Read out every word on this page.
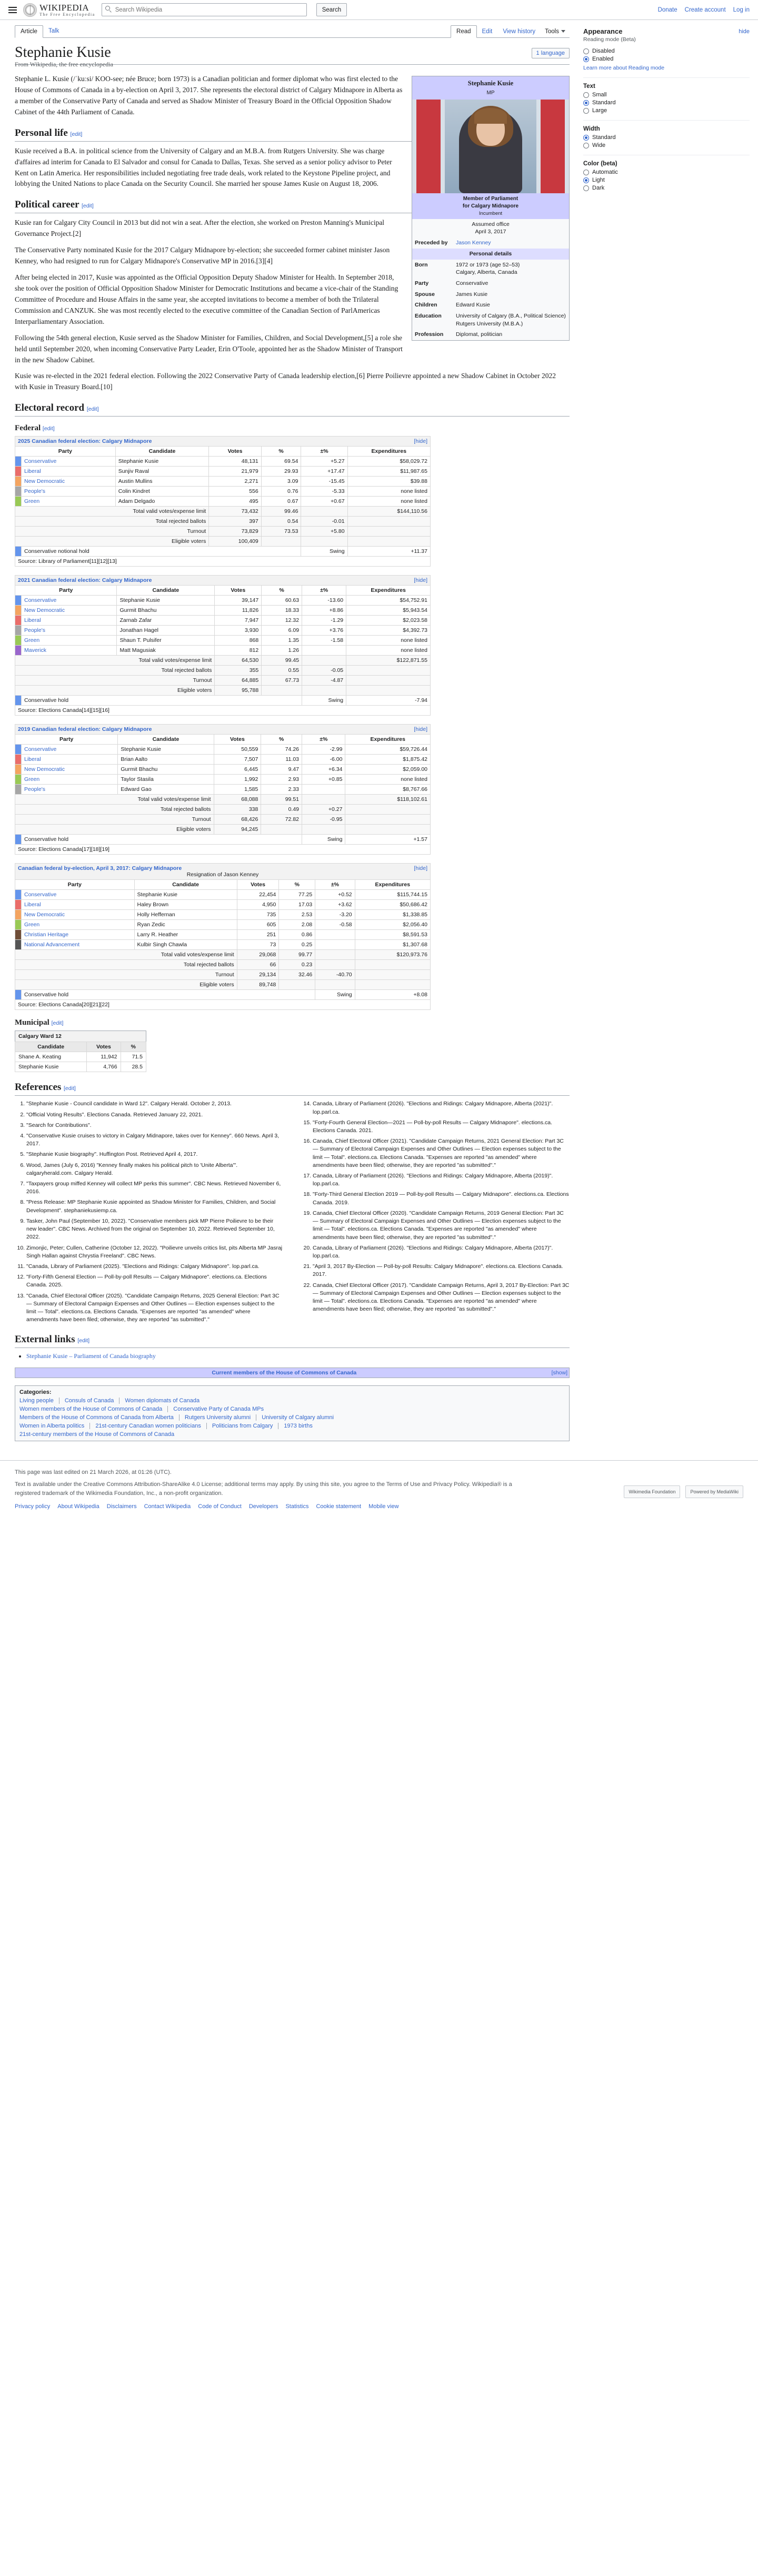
WIKIPEDIA
The Free Encyclopedia
Search Wikipedia
Search	Donate Create account Log in
Article	Talk	Read	Edit	View history	Tools
Stephanie Kusie	1 language
From Wikipedia, the free encyclopedia
Stephanie Kusie
MP
Member of Parliament
for Calgary Midnapore
Incumbent
Assumed office
April 3, 2017

Preceded by	Jason Kenney
Personal details
Born	1972 or 1973 (age 52–53)
Calgary, Alberta, Canada
Party	Conservative
Spouse	James Kusie
Children	Edward Kusie
Education	University of Calgary (B.A., Political Science)
Rutgers University (M.B.A.)
Profession	Diplomat, politician

Stephanie L. Kusie (/ˈkuːsi/ KOO-see; née Bruce; born 1973) is a Canadian politician and former diplomat who was first elected to the House of Commons of Canada in a by-election on April 3, 2017. She represents the electoral district of Calgary Midnapore in Alberta as a member of the Conservative Party of Canada and served as Shadow Minister of Treasury Board in the Official Opposition Shadow Cabinet of the 44th Parliament of Canada.

Personal life [edit]

Kusie received a B.A. in political science from the University of Calgary and an M.B.A. from Rutgers University. She was charge d'affaires ad interim for Canada to El Salvador and consul for Canada to Dallas, Texas. She served as a senior policy advisor to Peter Kent on Latin America. Her responsibilities included negotiating free trade deals, work related to the Keystone Pipeline project, and lobbying the United Nations to place Canada on the Security Council. She married her spouse James Kusie on August 18, 2006.

Political career [edit]

Kusie ran for Calgary City Council in 2013 but did not win a seat. After the election, she worked on Preston Manning's Municipal Governance Project.[2]

The Conservative Party nominated Kusie for the 2017 Calgary Midnapore by-election; she succeeded former cabinet minister Jason Kenney, who had resigned to run for Calgary Midnapore's Conservative MP in 2016.[3][4]

After being elected in 2017, Kusie was appointed as the Official Opposition Deputy Shadow Minister for Health. In September 2018, she took over the position of Official Opposition Shadow Minister for Democratic Institutions and became a vice-chair of the Standing Committee of Procedure and House Affairs in the same year, she accepted invitations to become a member of both the Trilateral Commission and CANZUK. She was most recently elected to the executive committee of the Canadian Section of ParlAmericas Interparliamentary Association.

Following the 54th general election, Kusie served as the Shadow Minister for Families, Children, and Social Development,[5] a role she held until September 2020, when incoming Conservative Party Leader, Erin O'Toole, appointed her as the Shadow Minister of Transport in the new Shadow Cabinet.

Kusie was re-elected in the 2021 federal election. Following the 2022 Conservative Party of Canada leadership election,[6] Pierre Poilievre appointed a new Shadow Cabinet in October 2022 with Kusie in Treasury Board.[10]

Electoral record [edit]
Federal [edit]
[hide]
2025 Canadian federal election: Calgary Midnapore						
Party		Candidate	Votes	%	±%	Expenditures
	Conservative	Stephanie Kusie	48,131	69.54	+5.27	$58,029.72
	Liberal	Sunjiv Raval	21,979	29.93	+17.47	$11,987.65
	New Democratic	Austin Mullins	2,271	3.09	-15.45	$39.88
	People's	Colin Kindret	556	0.76	-5.33	none listed
	Green	Adam Delgado	495	0.67	+0.67	none listed
Total valid votes/expense limit			73,432	99.46		$144,110.56
Total rejected ballots			397	0.54	-0.01	
Turnout			73,829	73.53	+5.80	
Eligible voters			100,409			
	Conservative notional hold				Swing	+11.37
Source: Library of Parliament[11][12][13]						
[hide]
2021 Canadian federal election: Calgary Midnapore						
Party		Candidate	Votes	%	±%	Expenditures
	Conservative	Stephanie Kusie	39,147	60.63	-13.60	$54,752.91
	New Democratic	Gurmit Bhachu	11,826	18.33	+8.86	$5,943.54
	Liberal	Zarnab Zafar	7,947	12.32	-1.29	$2,023.58
	People's	Jonathan Hagel	3,930	6.09	+3.76	$4,392.73
	Green	Shaun T. Pulsifer	868	1.35	-1.58	none listed
	Maverick	Matt Magusiak	812	1.26		none listed
Total valid votes/expense limit			64,530	99.45		$122,871.55
Total rejected ballots			355	0.55	-0.05	
Turnout			64,885	67.73	-4.87	
Eligible voters			95,788			
	Conservative hold				Swing	-7.94
Source: Elections Canada[14][15][16]						
[hide]
2019 Canadian federal election: Calgary Midnapore						
Party		Candidate	Votes	%	±%	Expenditures
	Conservative	Stephanie Kusie	50,559	74.26	-2.99	$59,726.44
	Liberal	Brian Aalto	7,507	11.03	-6.00	$1,875.42
	New Democratic	Gurmit Bhachu	6,445	9.47	+6.34	$2,059.00
	Green	Taylor Stasila	1,992	2.93	+0.85	none listed
	People's	Edward Gao	1,585	2.33		$8,767.66
Total valid votes/expense limit			68,088	99.51		$118,102.61
Total rejected ballots			338	0.49	+0.27	
Turnout			68,426	72.82	-0.95	
Eligible voters			94,245			
	Conservative hold				Swing	+1.57
Source: Elections Canada[17][18][19]						
[hide]
Canadian federal by-election, April 3, 2017: Calgary Midnapore
Resignation of Jason Kenney						

Party		Candidate	Votes	%	±%	Expenditures
	Conservative	Stephanie Kusie	22,454	77.25	+0.52	$115,744.15
	Liberal	Haley Brown	4,950	17.03	+3.62	$50,686.42
	New Democratic	Holly Heffernan	735	2.53	-3.20	$1,338.85
	Green	Ryan Zedic	605	2.08	-0.58	$2,056.40
	Christian Heritage	Larry R. Heather	251	0.86		$8,591.53
	National Advancement	Kulbir Singh Chawla	73	0.25		$1,307.68
Total valid votes/expense limit			29,068	99.77		$120,973.76
Total rejected ballots			66	0.23		
Turnout			29,134	32.46	-40.70	
Eligible voters			89,748			
	Conservative hold				Swing	+8.08
Source: Elections Canada[20][21][22]						
Municipal [edit]
Calgary Ward 12
Candidate	Votes	%
Shane A. Keating	11,942	71.5
Stephanie Kusie	4,766	28.5
References [edit]
1. "Stephanie Kusie - Council candidate in Ward 12". Calgary Herald. October 2, 2013.
2. "Official Voting Results". Elections Canada. Retrieved January 22, 2021.
3. "Search for Contributions".
4. "Conservative Kusie cruises to victory in Calgary Midnapore, takes over for Kenney". 660 News. April 3, 2017.
5. "Stephanie Kusie biography". Huffington Post. Retrieved April 4, 2017.
6. Wood, James (July 6, 2016) "Kenney finally makes his political pitch to 'Unite Alberta'". calgaryherald.com. Calgary Herald.
7. "Taxpayers group miffed Kenney will collect MP perks this summer". CBC News. Retrieved November 6, 2016.
8. "Press Release: MP Stephanie Kusie appointed as Shadow Minister for Families, Children, and Social Development". stephaniekusiemp.ca.
9. Tasker, John Paul (September 10, 2022). "Conservative members pick MP Pierre Poilievre to be their new leader". CBC News. Archived from the original on September 10, 2022. Retrieved September 10, 2022.
10. Zimonjic, Peter; Cullen, Catherine (October 12, 2022). "Poilievre unveils critics list, pits Alberta MP Jasraj Singh Hallan against Chrystia Freeland". CBC News.
11. "Canada, Library of Parliament (2025). "Elections and Ridings: Calgary Midnapore". lop.parl.ca.
12. "Forty-Fifth General Election — Poll-by-poll Results — Calgary Midnapore". elections.ca. Elections Canada. 2025.
13. "Canada, Chief Electoral Officer (2025). "Candidate Campaign Returns, 2025 General Election: Part 3C — Summary of Electoral Campaign Expenses and Other Outlines — Election expenses subject to the limit — Total". elections.ca. Elections Canada. "Expenses are reported "as amended" where amendments have been filed; otherwise, they are reported "as submitted"."
14. Canada, Library of Parliament (2026). "Elections and Ridings: Calgary Midnapore, Alberta (2021)". lop.parl.ca.
15. "Forty-Fourth General Election—2021 — Poll-by-poll Results — Calgary Midnapore". elections.ca. Elections Canada. 2021.
16. Canada, Chief Electoral Officer (2021). "Candidate Campaign Returns, 2021 General Election: Part 3C — Summary of Electoral Campaign Expenses and Other Outlines — Election expenses subject to the limit — Total". elections.ca. Elections Canada. "Expenses are reported "as amended" where amendments have been filed; otherwise, they are reported "as submitted"."
17. Canada, Library of Parliament (2026). "Elections and Ridings: Calgary Midnapore, Alberta (2019)". lop.parl.ca.
18. "Forty-Third General Election 2019 — Poll-by-poll Results — Calgary Midnapore". elections.ca. Elections Canada. 2019.
19. Canada, Chief Electoral Officer (2020). "Candidate Campaign Returns, 2019 General Election: Part 3C — Summary of Electoral Campaign Expenses and Other Outlines — Election expenses subject to the limit — Total". elections.ca. Elections Canada. "Expenses are reported "as amended" where amendments have been filed; otherwise, they are reported "as submitted"."
20. Canada, Library of Parliament (2026). "Elections and Ridings: Calgary Midnapore, Alberta (2017)". lop.parl.ca.
21. "April 3, 2017 By-Election — Poll-by-poll Results: Calgary Midnapore". elections.ca. Elections Canada. 2017.
22. Canada, Chief Electoral Officer (2017). "Candidate Campaign Returns, April 3, 2017 By-Election: Part 3C — Summary of Electoral Campaign Expenses and Other Outlines — Election expenses subject to the limit — Total". elections.ca. Elections Canada. "Expenses are reported "as amended" where amendments have been filed; otherwise, they are reported "as submitted"."
External links [edit]
• Stephanie Kusie – Parliament of Canada biography
[show]
Current members of the House of Commons of Canada
Categories:
Living people	Consuls of Canada	Women diplomats of Canada
Women members of the House of Commons of Canada	Conservative Party of Canada MPs
Members of the House of Commons of Canada from Alberta	Rutgers University alumni	University of Calgary alumni
Women in Alberta politics	21st-century Canadian women politicians	Politicians from Calgary	1973 births
21st-century members of the House of Commons of Canada
Appearance	hide
Reading mode (Beta)
Disabled
Enabled
Learn more about Reading mode
Text
Small
Standard
Large
Width
Standard
Wide
Color (beta)
Automatic
Light
Dark
This page was last edited on 21 March 2026, at 01:26 (UTC).
Text is available under the Creative Commons Attribution-ShareAlike 4.0 License; additional terms may apply. By using this site, you agree to the Terms of Use and Privacy Policy. Wikipedia® is a registered trademark of the Wikimedia Foundation, Inc., a non-profit organization.	Wikimedia Foundation	Powered by MediaWiki
Privacy policy About Wikipedia Disclaimers Contact Wikipedia Code of Conduct Developers Statistics Cookie statement Mobile view
